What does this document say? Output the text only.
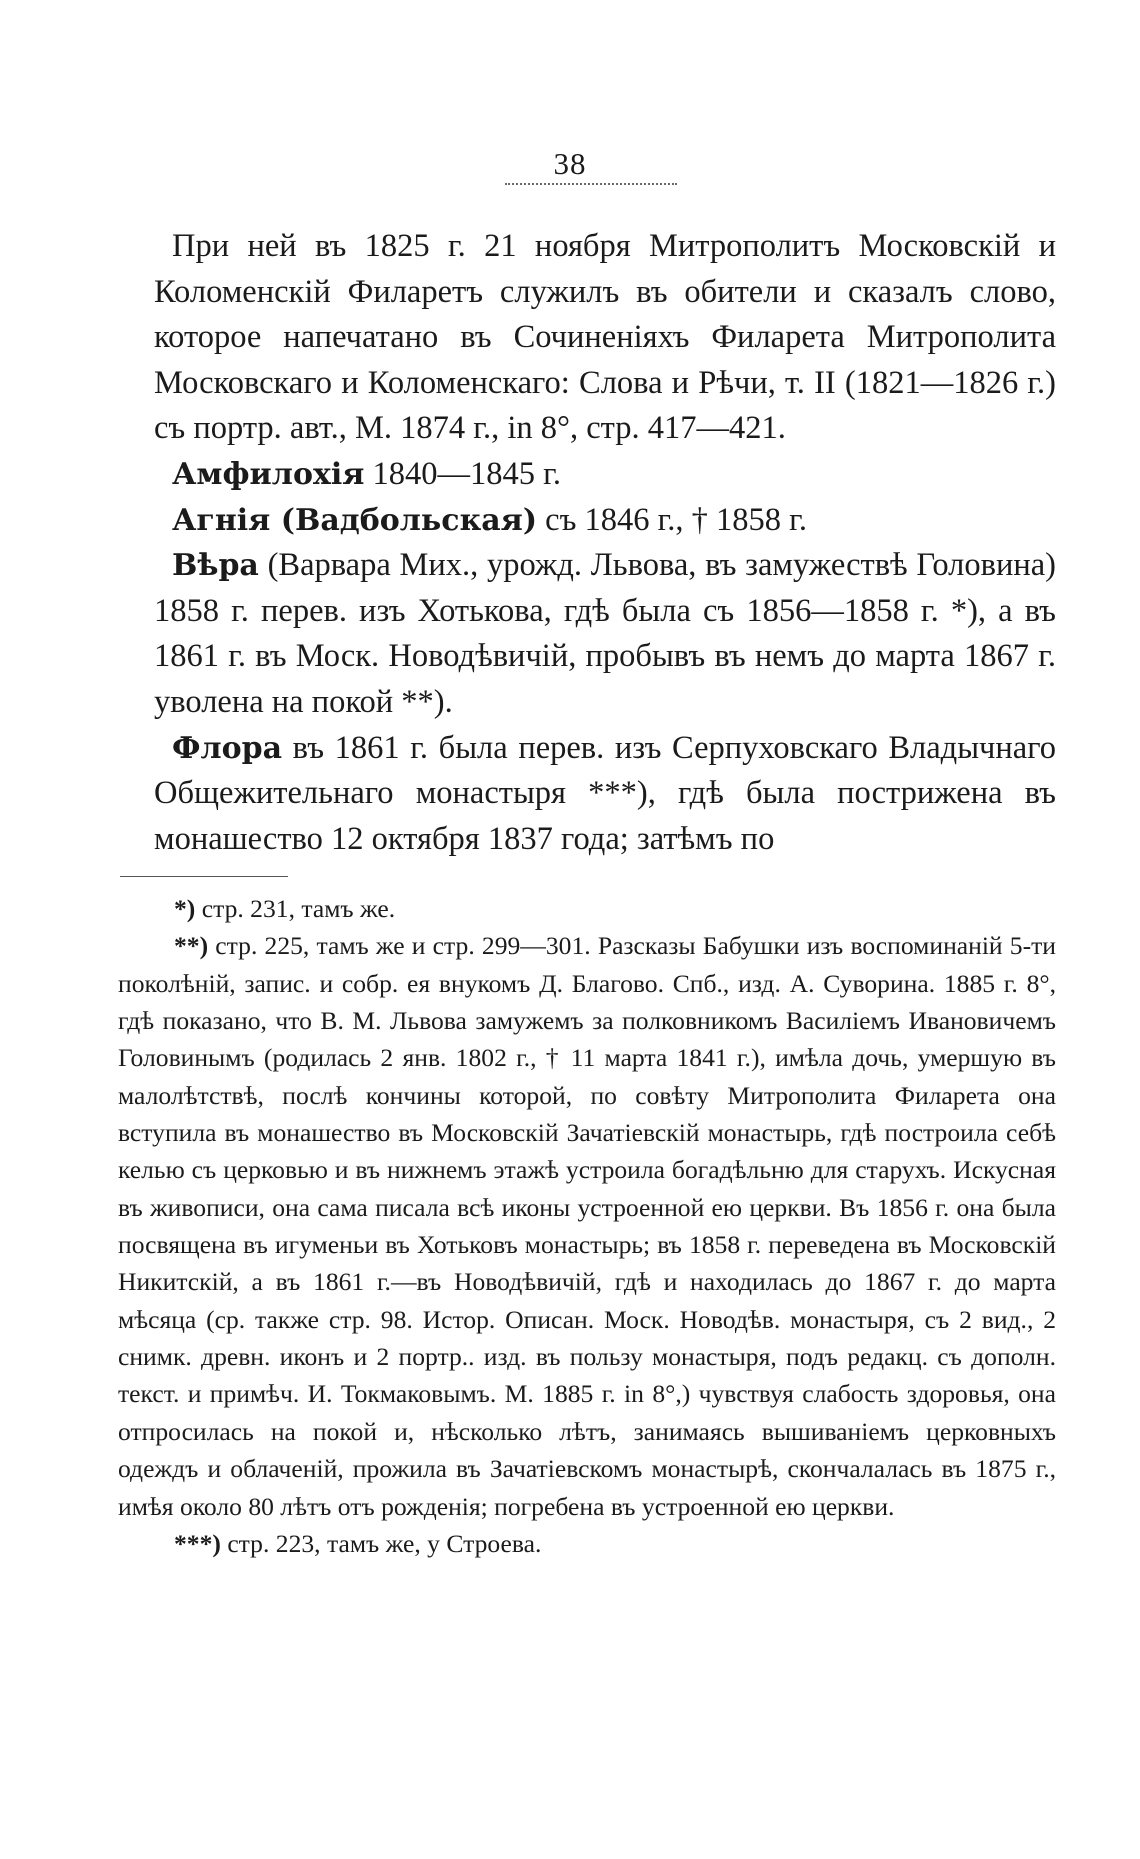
38

При ней въ 1825 г. 21 ноября Митрополитъ Московскій и Коломенскій Филаретъ служилъ въ обители и сказалъ слово, которое напечатано въ Сочиненіяхъ Филарета Митрополита Московскаго и Коломенскаго: Слова и Рѣчи, т. II (1821—1826 г.) съ портр. авт., М. 1874 г., in 8°, стр. 417—421.

Амфилохія 1840—1845 г.

Агнія (Вадбольская) съ 1846 г., † 1858 г.

Вѣра (Варвара Мих., урожд. Львова, въ замужествѣ Головина) 1858 г. перев. изъ Хотькова, гдѣ была съ 1856—1858 г. *), а въ 1861 г. въ Моск. Новодѣвичій, пробывъ въ немъ до марта 1867 г. уволена на покой **).

Флора въ 1861 г. была перев. изъ Серпуховскаго Владычнаго Общежительнаго монастыря ***), гдѣ была пострижена въ монашество 12 октября 1837 года; затѣмъ по

*) стр. 231, тамъ же.

**) стр. 225, тамъ же и стр. 299—301. Разсказы Бабушки изъ воспоминаній 5-ти поколѣній, запис. и собр. ея внукомъ Д. Благово. Спб., изд. А. Суворина. 1885 г. 8°, гдѣ показано, что В. М. Львова замужемъ за полковникомъ Василіемъ Ивановичемъ Головинымъ (родилась 2 янв. 1802 г., † 11 марта 1841 г.), имѣла дочь, умершую въ малолѣтствѣ, послѣ кончины которой, по совѣту Митрополита Филарета она вступила въ монашество въ Московскій Зачатіевскій монастырь, гдѣ построила себѣ келью съ церковью и въ нижнемъ этажѣ устроила богадѣльню для старухъ. Искусная въ живописи, она сама писала всѣ иконы устроенной ею церкви. Въ 1856 г. она была посвящена въ игуменьи въ Хотьковъ монастырь; въ 1858 г. переведена въ Московскій Никитскій, а въ 1861 г.—въ Новодѣвичій, гдѣ и находилась до 1867 г. до марта мѣсяца (ср. также стр. 98. Истор. Описан. Моск. Новодѣв. монастыря, съ 2 вид., 2 снимк. древн. иконъ и 2 портр.. изд. въ пользу монастыря, подъ редакц. съ дополн. текст. и примѣч. И. Токмаковымъ. М. 1885 г. in 8°,) чувствуя слабость здоровья, она отпросилась на покой и, нѣсколько лѣтъ, занимаясь вышиваніемъ церковныхъ одеждъ и облаченій, прожила въ Зачатіевскомъ монастырѣ, скончалалась въ 1875 г., имѣя около 80 лѣтъ отъ рожденія; погребена въ устроенной ею церкви.

***) стр. 223, тамъ же, у Строева.
